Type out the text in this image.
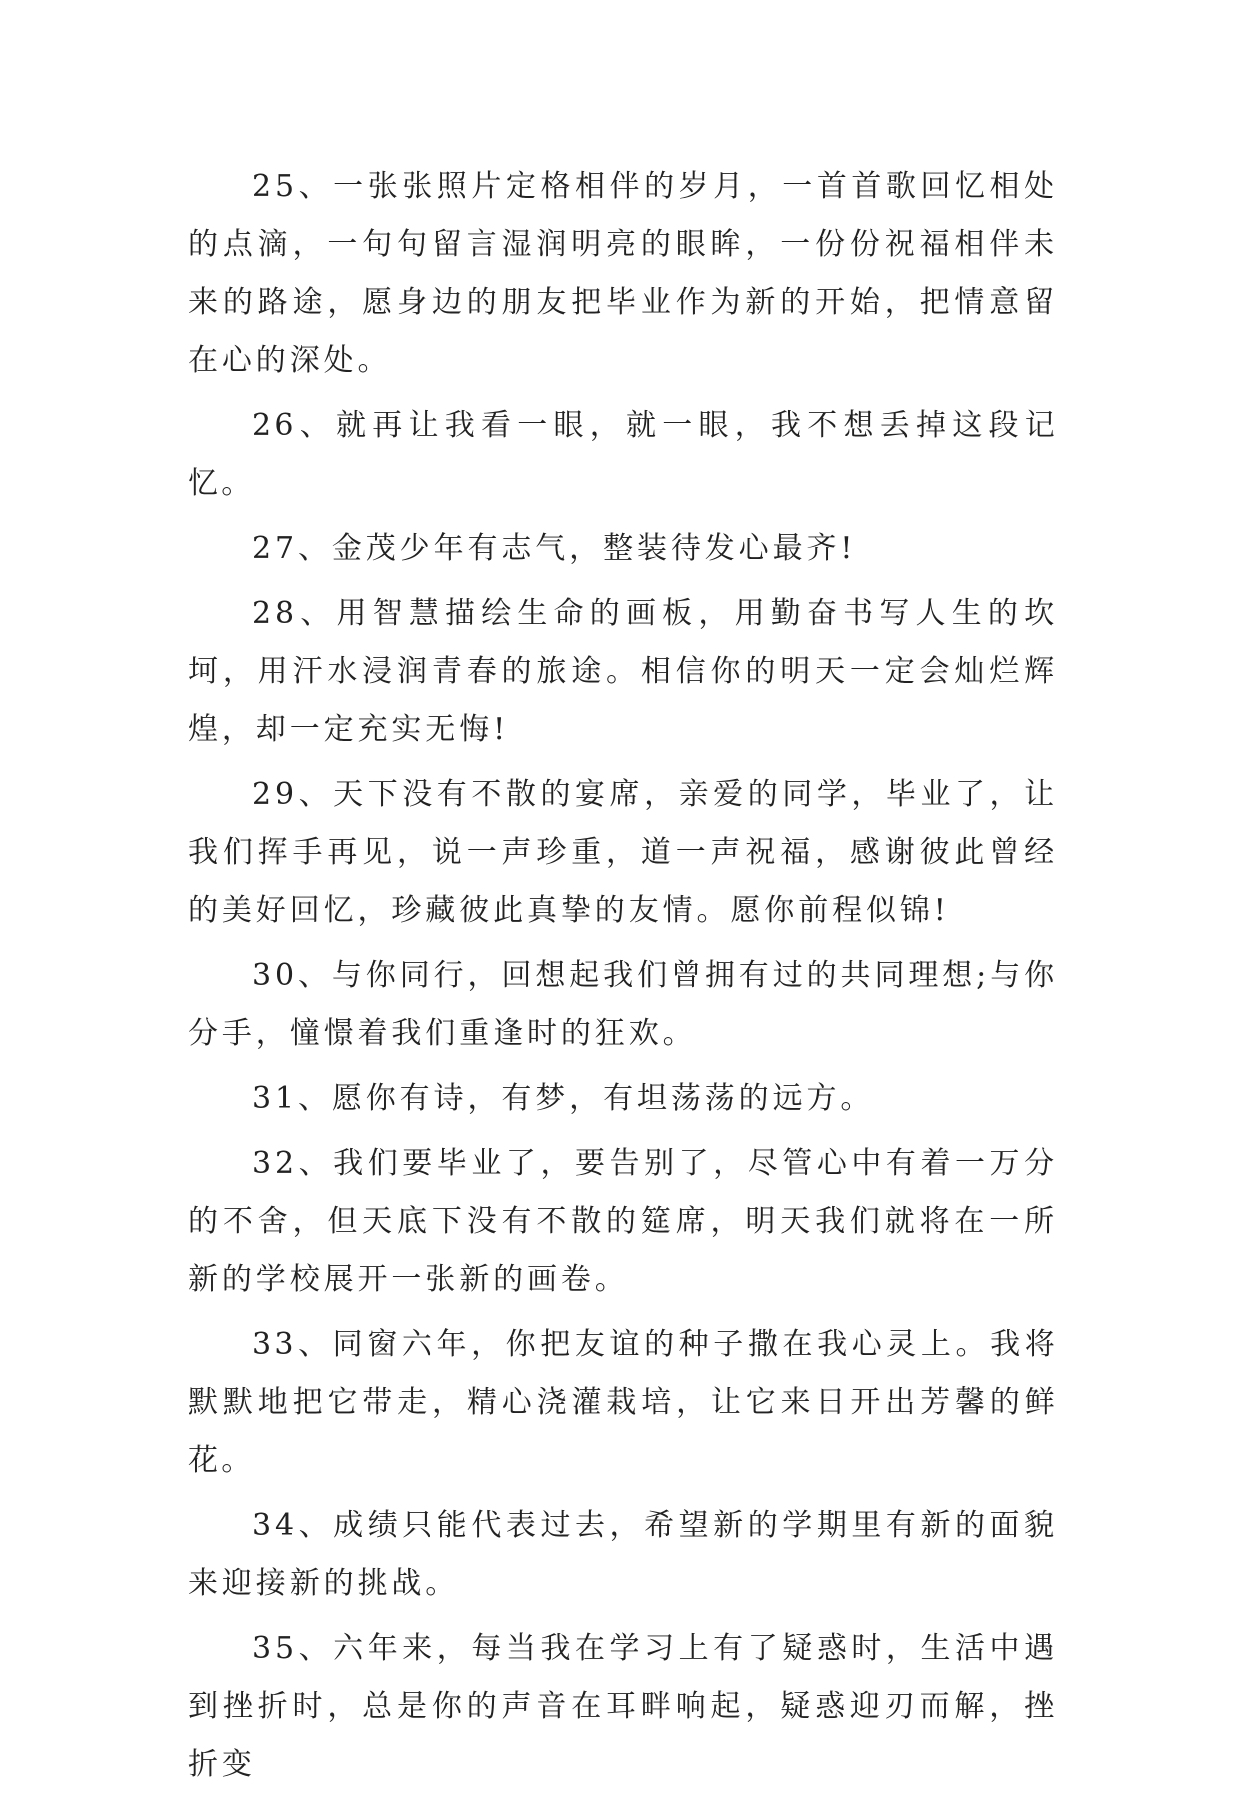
25、一张张照片定格相伴的岁月，一首首歌回忆相处的点滴，一句句留言湿润明亮的眼眸，一份份祝福相伴未来的路途，愿身边的朋友把毕业作为新的开始，把情意留在心的深处。

26、就再让我看一眼，就一眼，我不想丢掉这段记忆。

27、金茂少年有志气，整装待发心最齐!

28、用智慧描绘生命的画板，用勤奋书写人生的坎坷，用汗水浸润青春的旅途。相信你的明天一定会灿烂辉煌，却一定充实无悔!

29、天下没有不散的宴席，亲爱的同学，毕业了，让我们挥手再见，说一声珍重，道一声祝福，感谢彼此曾经的美好回忆，珍藏彼此真挚的友情。愿你前程似锦!

30、与你同行，回想起我们曾拥有过的共同理想;与你分手，憧憬着我们重逢时的狂欢。

31、愿你有诗，有梦，有坦荡荡的远方。

32、我们要毕业了，要告别了，尽管心中有着一万分的不舍，但天底下没有不散的筵席，明天我们就将在一所新的学校展开一张新的画卷。

33、同窗六年，你把友谊的种子撒在我心灵上。我将默默地把它带走，精心浇灌栽培，让它来日开出芳馨的鲜花。

34、成绩只能代表过去，希望新的学期里有新的面貌来迎接新的挑战。

35、六年来，每当我在学习上有了疑惑时，生活中遇到挫折时，总是你的声音在耳畔响起，疑惑迎刃而解，挫折变
